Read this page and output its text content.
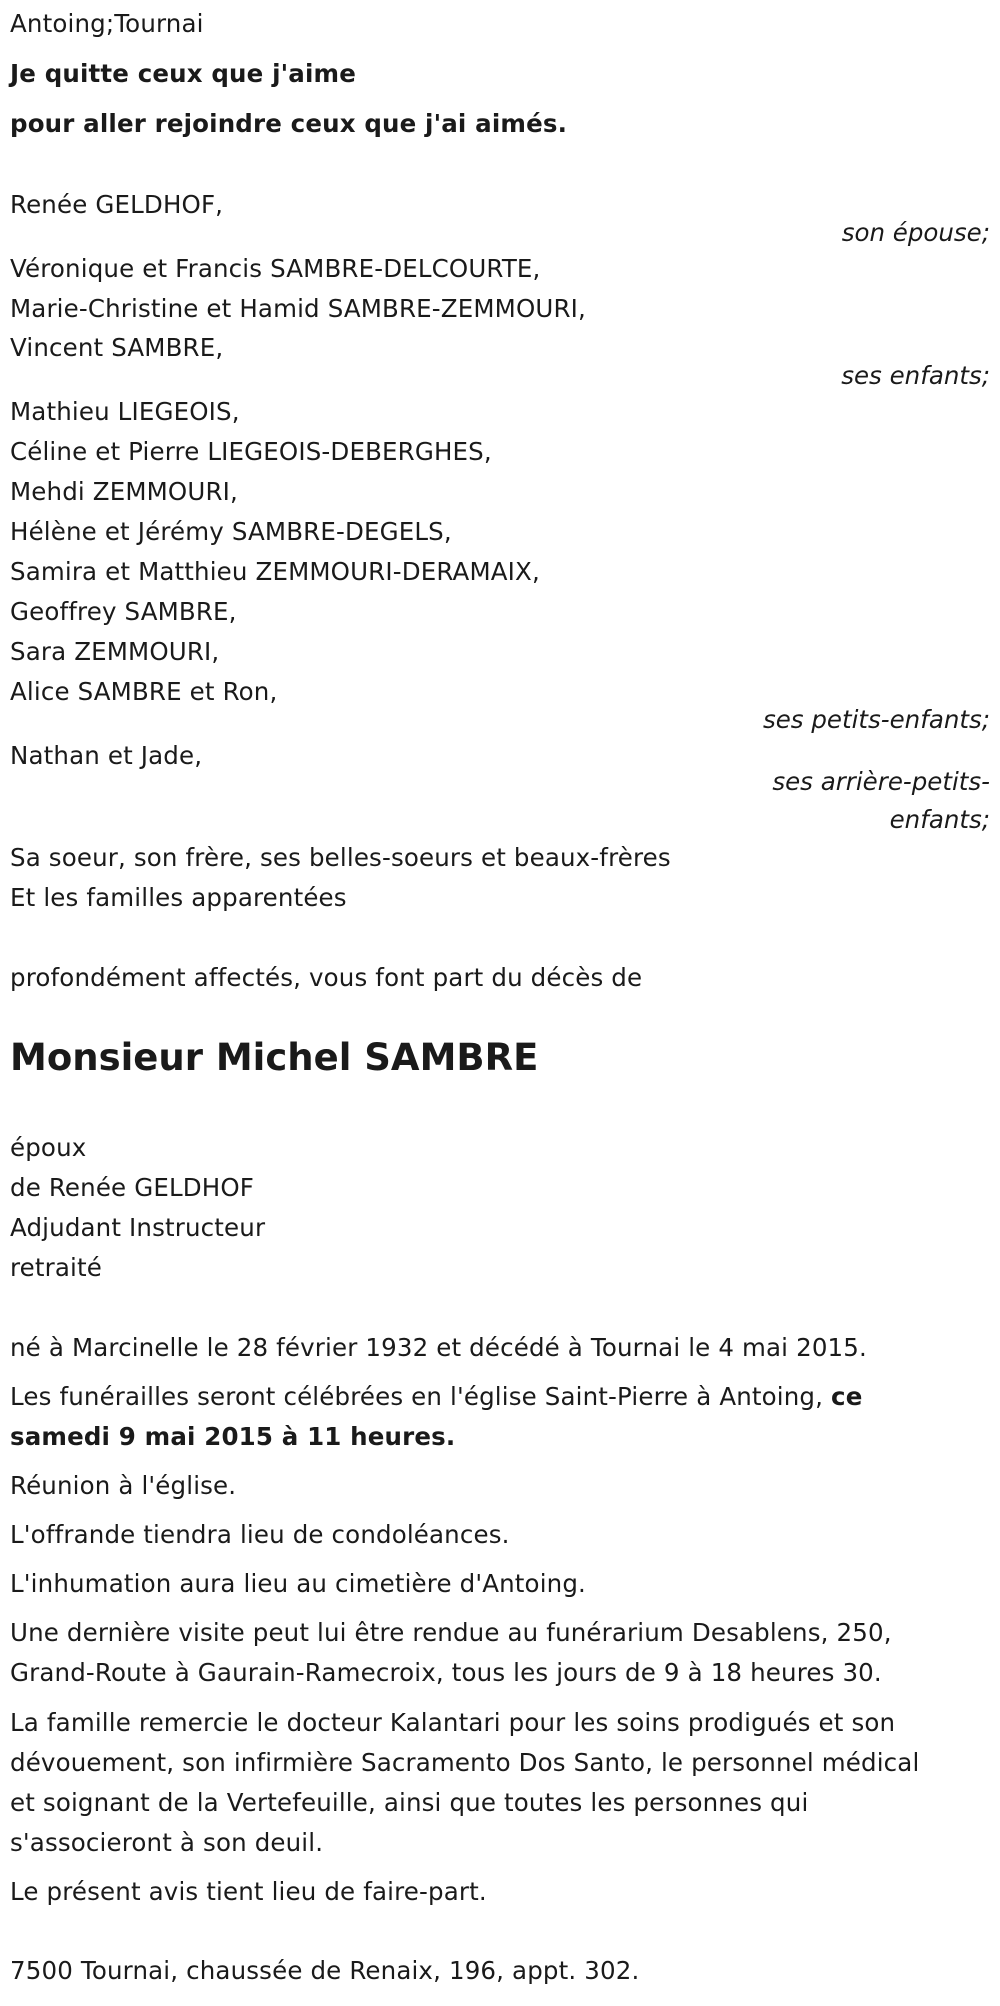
Antoing;Tournai
Je quitte ceux que j'aime
pour aller rejoindre ceux que j'ai aimés.
Renée GELDHOF,
son épouse;
Véronique et Francis SAMBRE-DELCOURTE,
Marie-Christine et Hamid SAMBRE-ZEMMOURI,
Vincent SAMBRE,
ses enfants;
Mathieu LIEGEOIS,
Céline et Pierre LIEGEOIS-DEBERGHES,
Mehdi ZEMMOURI,
Hélène et Jérémy SAMBRE-DEGELS,
Samira et Matthieu ZEMMOURI-DERAMAIX,
Geoffrey SAMBRE,
Sara ZEMMOURI,
Alice SAMBRE et Ron,
ses petits-enfants;
Nathan et Jade,
ses arrière-petits-
enfants;
Sa soeur, son frère, ses belles-soeurs et beaux-frères
Et les familles apparentées
profondément affectés, vous font part du décès de
Monsieur Michel SAMBRE
époux
de Renée GELDHOF
Adjudant Instructeur
retraité
né à Marcinelle le 28 février 1932 et décédé à Tournai le 4 mai 2015.
Les funérailles seront célébrées en l'église Saint-Pierre à Antoing, ce
samedi 9 mai 2015 à 11 heures.
Réunion à l'église.
L'offrande tiendra lieu de condoléances.
L'inhumation aura lieu au cimetière d'Antoing.
Une dernière visite peut lui être rendue au funérarium Desablens, 250,
Grand-Route à Gaurain-Ramecroix, tous les jours de 9 à 18 heures 30.
La famille remercie le docteur Kalantari pour les soins prodigués et son
dévouement, son infirmière Sacramento Dos Santo, le personnel médical
et soignant de la Vertefeuille, ainsi que toutes les personnes qui
s'associeront à son deuil.
Le présent avis tient lieu de faire-part.
7500 Tournai, chaussée de Renaix, 196, appt. 302.
